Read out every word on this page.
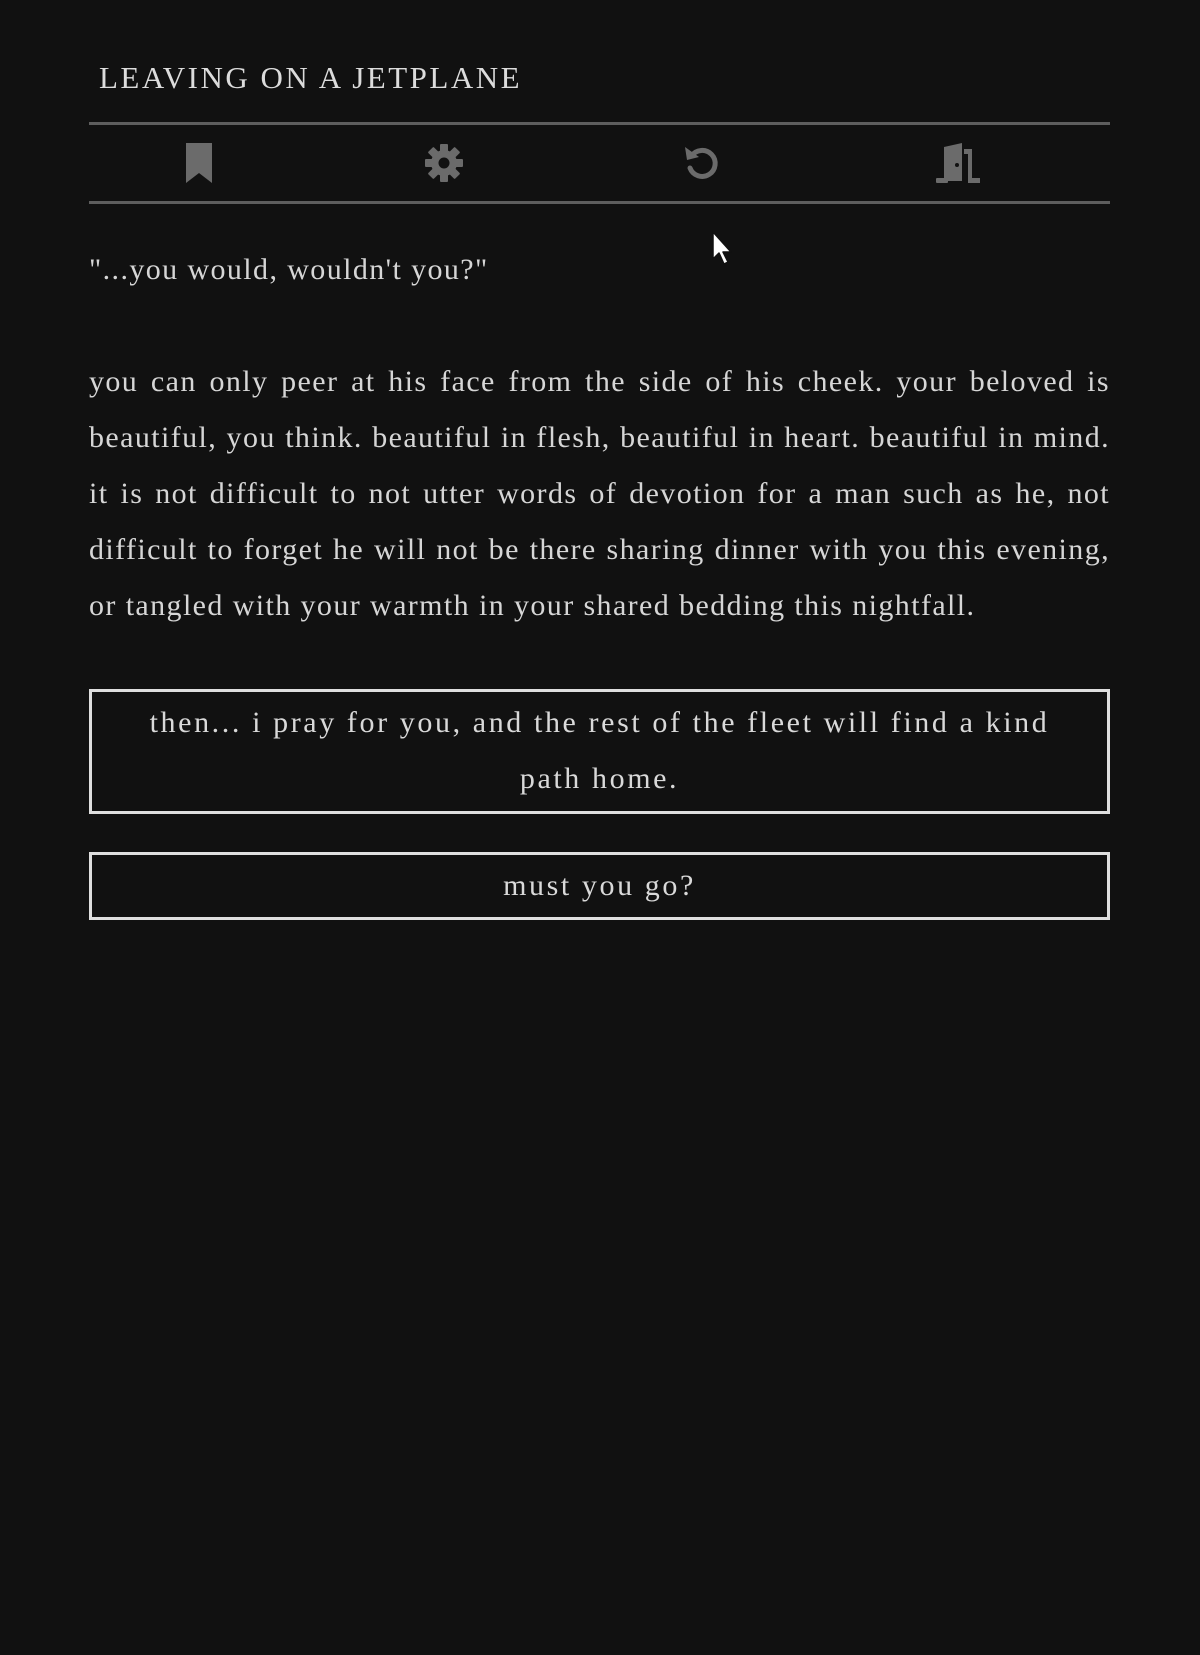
LEAVING ON A JETPLANE

"...you would, wouldn't you?"

you can only peer at his face from the side of his cheek. your beloved is beautiful, you think. beautiful in flesh, beautiful in heart. beautiful in mind. it is not difficult to not utter words of devotion for a man such as he, not difficult to forget he will not be there sharing dinner with you this evening, or tangled with your warmth in your shared bedding this nightfall.

then... i pray for you, and the rest of the fleet will find a kind path home.
must you go?
